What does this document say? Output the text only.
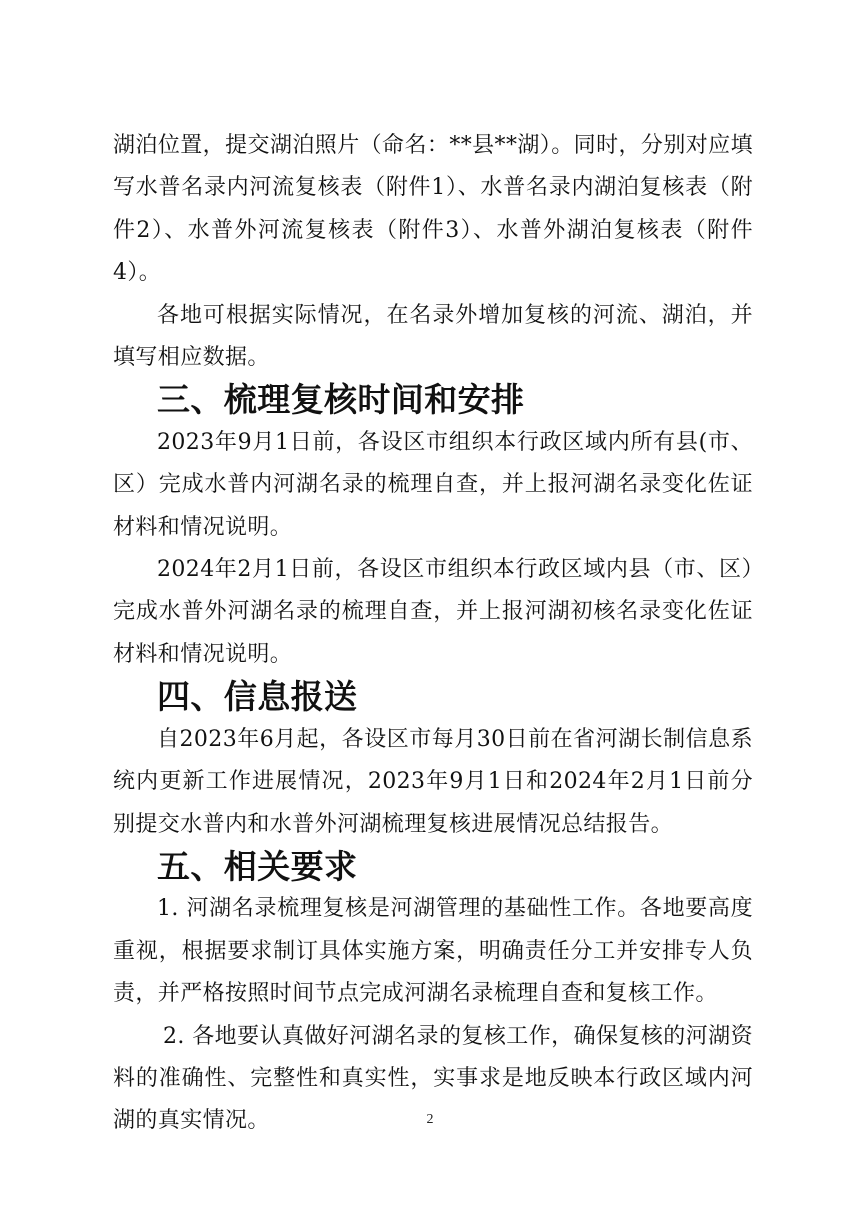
湖泊位置，提交湖泊照片（命名：**县**湖）。同时，分别对应填写水普名录内河流复核表（附件1）、水普名录内湖泊复核表（附件2）、水普外河流复核表（附件3）、水普外湖泊复核表（附件4）。

各地可根据实际情况，在名录外增加复核的河流、湖泊，并填写相应数据。

三、梳理复核时间和安排

2023年9月1日前，各设区市组织本行政区域内所有县(市、区）完成水普内河湖名录的梳理自查，并上报河湖名录变化佐证材料和情况说明。

2024年2月1日前，各设区市组织本行政区域内县（市、区）完成水普外河湖名录的梳理自查，并上报河湖初核名录变化佐证材料和情况说明。

四、信息报送

自2023年6月起，各设区市每月30日前在省河湖长制信息系统内更新工作进展情况，2023年9月1日和2024年2月1日前分别提交水普内和水普外河湖梳理复核进展情况总结报告。

五、相关要求

1. 河湖名录梳理复核是河湖管理的基础性工作。各地要高度重视，根据要求制订具体实施方案，明确责任分工并安排专人负责，并严格按照时间节点完成河湖名录梳理自查和复核工作。

2. 各地要认真做好河湖名录的复核工作，确保复核的河湖资料的准确性、完整性和真实性，实事求是地反映本行政区域内河湖的真实情况。	2
